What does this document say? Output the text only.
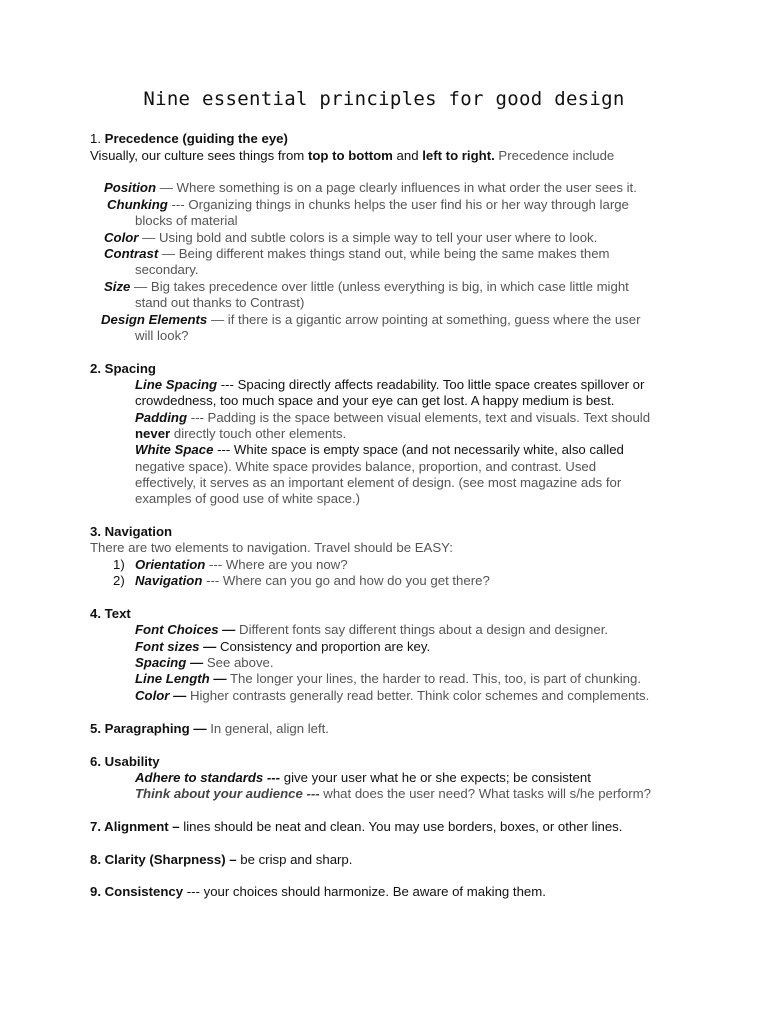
Nine essential principles for good design
1. Precedence (guiding the eye)
Visually, our culture sees things from top to bottom and left to right. Precedence include
Position — Where something is on a page clearly influences in what order the user sees it.
Chunking --- Organizing things in chunks helps the user find his or her way through large
blocks of material
Color — Using bold and subtle colors is a simple way to tell your user where to look.
Contrast — Being different makes things stand out, while being the same makes them
secondary.
Size — Big takes precedence over little (unless everything is big, in which case little might
stand out thanks to Contrast)
Design Elements — if there is a gigantic arrow pointing at something, guess where the user
will look?
2. Spacing
Line Spacing --- Spacing directly affects readability. Too little space creates spillover or
crowdedness, too much space and your eye can get lost. A happy medium is best.
Padding --- Padding is the space between visual elements, text and visuals. Text should
never directly touch other elements.
White Space --- White space is empty space (and not necessarily white, also called
negative space). White space provides balance, proportion, and contrast. Used
effectively, it serves as an important element of design. (see most magazine ads for
examples of good use of white space.)
3. Navigation
There are two elements to navigation. Travel should be EASY:
1) Orientation --- Where are you now?
2) Navigation --- Where can you go and how do you get there?
4. Text
Font Choices — Different fonts say different things about a design and designer.
Font sizes — Consistency and proportion are key.
Spacing — See above.
Line Length — The longer your lines, the harder to read. This, too, is part of chunking.
Color — Higher contrasts generally read better. Think color schemes and complements.
5. Paragraphing — In general, align left.
6. Usability
Adhere to standards --- give your user what he or she expects; be consistent
Think about your audience --- what does the user need? What tasks will s/he perform?
7. Alignment – lines should be neat and clean. You may use borders, boxes, or other lines.
8. Clarity (Sharpness) – be crisp and sharp.
9. Consistency --- your choices should harmonize. Be aware of making them.
